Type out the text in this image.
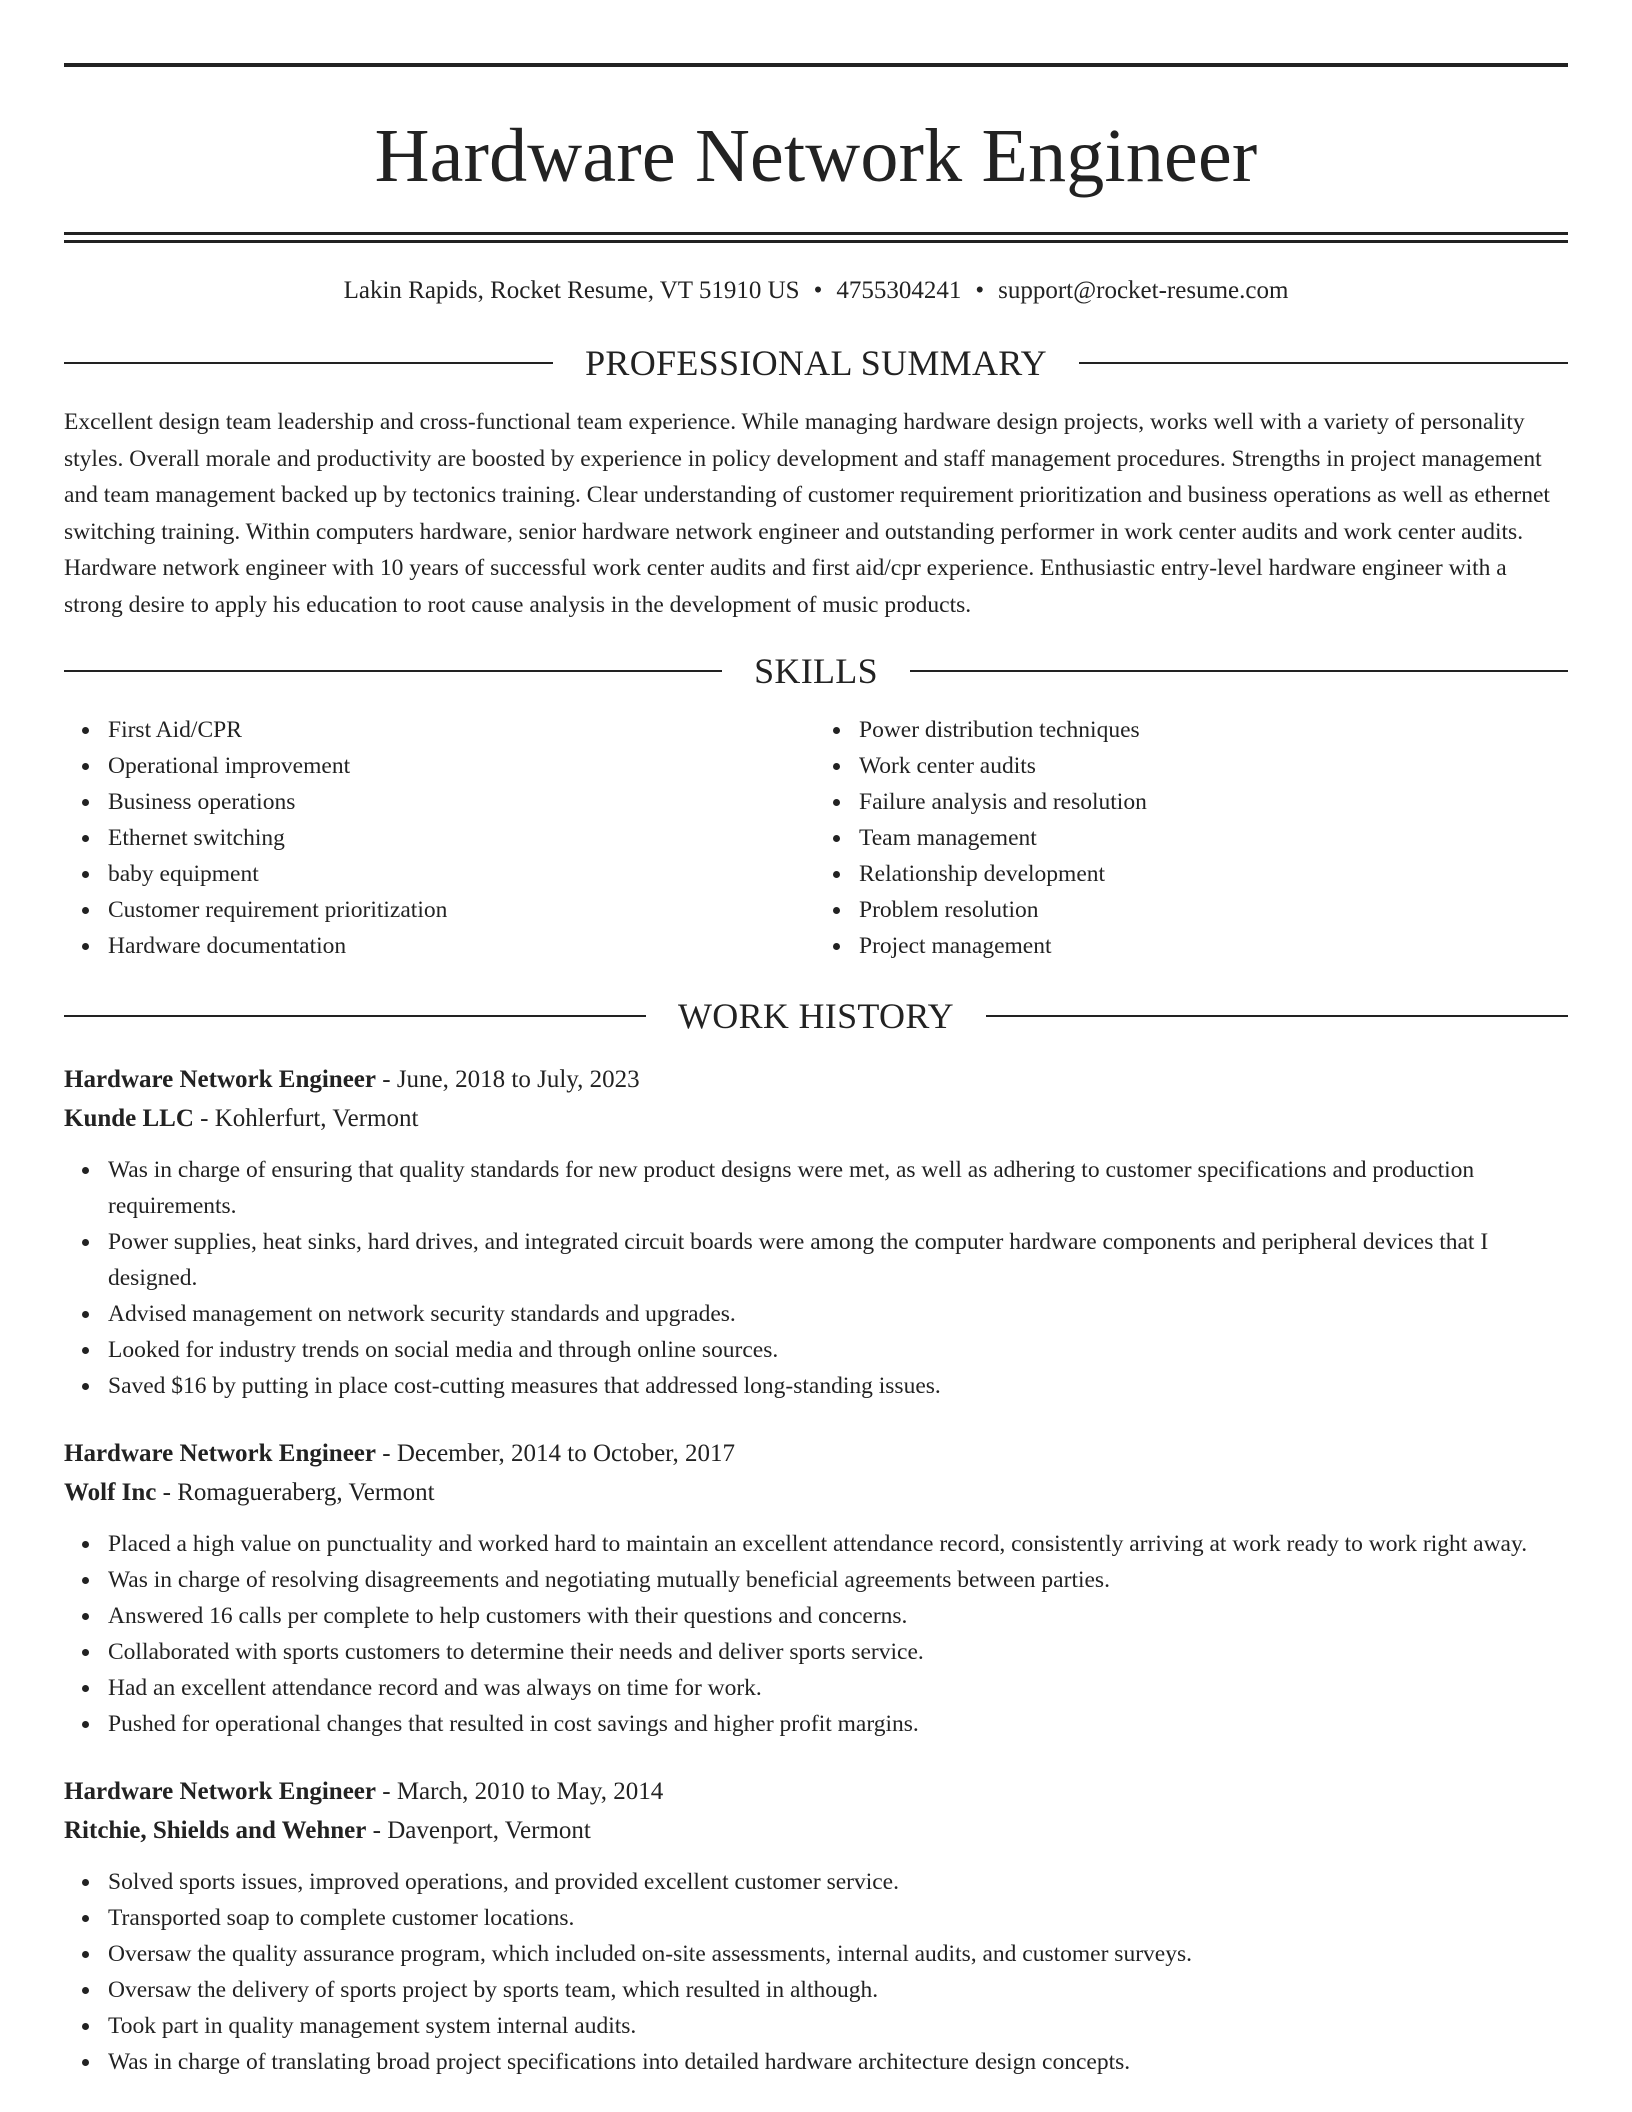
Hardware Network Engineer
Lakin Rapids, Rocket Resume, VT 51910 US • 4755304241 • support@rocket-resume.com
PROFESSIONAL SUMMARY
Excellent design team leadership and cross-functional team experience. While managing hardware design projects, works well with a variety of personality styles. Overall morale and productivity are boosted by experience in policy development and staff management procedures. Strengths in project management and team management backed up by tectonics training. Clear understanding of customer requirement prioritization and business operations as well as ethernet switching training. Within computers hardware, senior hardware network engineer and outstanding performer in work center audits and work center audits. Hardware network engineer with 10 years of successful work center audits and first aid/cpr experience. Enthusiastic entry-level hardware engineer with a strong desire to apply his education to root cause analysis in the development of music products.
SKILLS
First Aid/CPR
Operational improvement
Business operations
Ethernet switching
baby equipment
Customer requirement prioritization
Hardware documentation
Power distribution techniques
Work center audits
Failure analysis and resolution
Team management
Relationship development
Problem resolution
Project management
WORK HISTORY
Hardware Network Engineer - June, 2018 to July, 2023
Kunde LLC - Kohlerfurt, Vermont
Was in charge of ensuring that quality standards for new product designs were met, as well as adhering to customer specifications and production requirements.
Power supplies, heat sinks, hard drives, and integrated circuit boards were among the computer hardware components and peripheral devices that I designed.
Advised management on network security standards and upgrades.
Looked for industry trends on social media and through online sources.
Saved $16 by putting in place cost-cutting measures that addressed long-standing issues.
Hardware Network Engineer - December, 2014 to October, 2017
Wolf Inc - Romagueraberg, Vermont
Placed a high value on punctuality and worked hard to maintain an excellent attendance record, consistently arriving at work ready to work right away.
Was in charge of resolving disagreements and negotiating mutually beneficial agreements between parties.
Answered 16 calls per complete to help customers with their questions and concerns.
Collaborated with sports customers to determine their needs and deliver sports service.
Had an excellent attendance record and was always on time for work.
Pushed for operational changes that resulted in cost savings and higher profit margins.
Hardware Network Engineer - March, 2010 to May, 2014
Ritchie, Shields and Wehner - Davenport, Vermont
Solved sports issues, improved operations, and provided excellent customer service.
Transported soap to complete customer locations.
Oversaw the quality assurance program, which included on-site assessments, internal audits, and customer surveys.
Oversaw the delivery of sports project by sports team, which resulted in although.
Took part in quality management system internal audits.
Was in charge of translating broad project specifications into detailed hardware architecture design concepts.
